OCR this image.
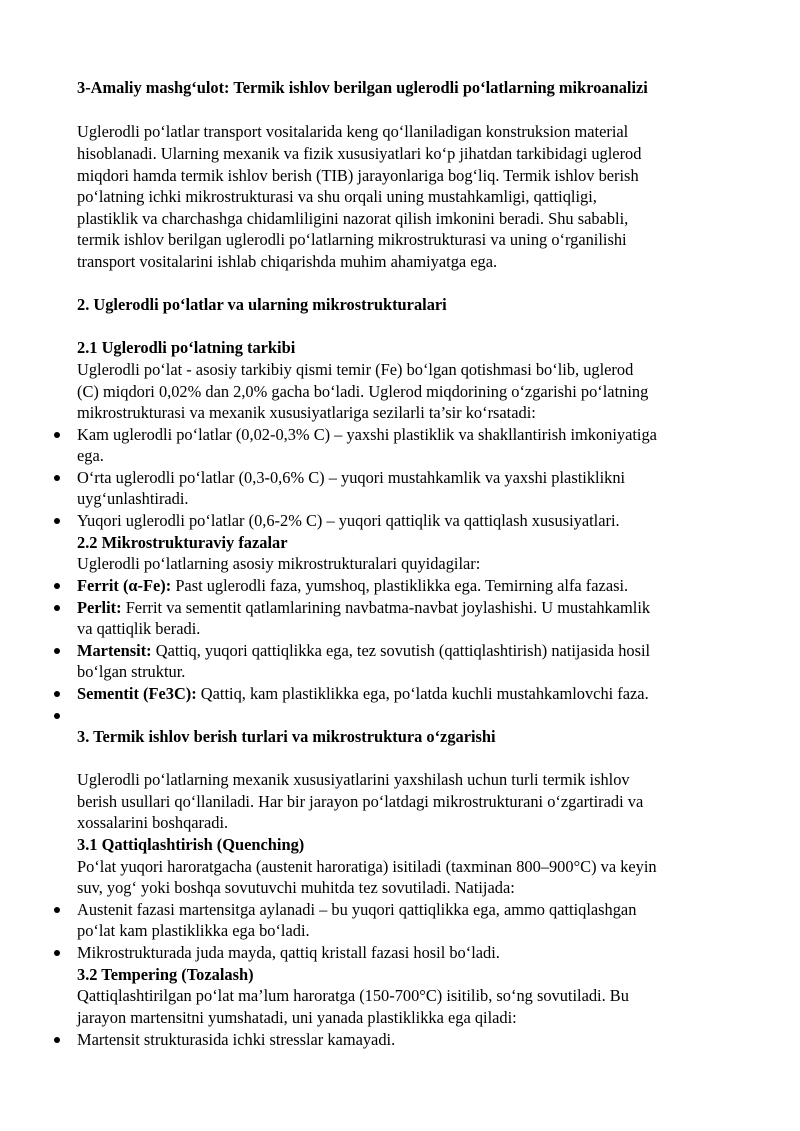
3-Amaliy mashg‘ulot: Termik ishlov berilgan uglerodli po‘latlarning mikroanalizi
Uglerodli po‘latlar transport vositalarida keng qo‘llaniladigan konstruksion material
hisoblanadi. Ularning mexanik va fizik xususiyatlari ko‘p jihatdan tarkibidagi uglerod
miqdori hamda termik ishlov berish (TIB) jarayonlariga bog‘liq. Termik ishlov berish
po‘latning ichki mikrostrukturasi va shu orqali uning mustahkamligi, qattiqligi,
plastiklik va charchashga chidamliligini nazorat qilish imkonini beradi. Shu sababli,
termik ishlov berilgan uglerodli po‘latlarning mikrostrukturasi va uning o‘rganilishi
transport vositalarini ishlab chiqarishda muhim ahamiyatga ega.
2. Uglerodli po‘latlar va ularning mikrostrukturalari
2.1 Uglerodli po‘latning tarkibi
Uglerodli po‘lat - asosiy tarkibiy qismi temir (Fe) bo‘lgan qotishmasi bo‘lib, uglerod
(C) miqdori 0,02% dan 2,0% gacha bo‘ladi. Uglerod miqdorining o‘zgarishi po‘latning
mikrostrukturasi va mexanik xususiyatlariga sezilarli ta’sir ko‘rsatadi:
Kam uglerodli po‘latlar (0,02-0,3% C) – yaxshi plastiklik va shakllantirish imkoniyatiga
ega.
O‘rta uglerodli po‘latlar (0,3-0,6% C) – yuqori mustahkamlik va yaxshi plastiklikni
uyg‘unlashtiradi.
Yuqori uglerodli po‘latlar (0,6-2% C) – yuqori qattiqlik va qattiqlash xususiyatlari.
2.2 Mikrostrukturaviy fazalar
Uglerodli po‘latlarning asosiy mikrostrukturalari quyidagilar:
Ferrit (α-Fe): Past uglerodli faza, yumshoq, plastiklikka ega. Temirning alfa fazasi.
Perlit: Ferrit va sementit qatlamlarining navbatma-navbat joylashishi. U mustahkamlik
va qattiqlik beradi.
Martensit: Qattiq, yuqori qattiqlikka ega, tez sovutish (qattiqlashtirish) natijasida hosil
bo‘lgan struktur.
Sementit (Fe3C): Qattiq, kam plastiklikka ega, po‘latda kuchli mustahkamlovchi faza.
3. Termik ishlov berish turlari va mikrostruktura o‘zgarishi
Uglerodli po‘latlarning mexanik xususiyatlarini yaxshilash uchun turli termik ishlov
berish usullari qo‘llaniladi. Har bir jarayon po‘latdagi mikrostrukturani o‘zgartiradi va
xossalarini boshqaradi.
3.1 Qattiqlashtirish (Quenching)
Po‘lat yuqori haroratgacha (austenit haroratiga) isitiladi (taxminan 800–900°C) va keyin
suv, yog‘ yoki boshqa sovutuvchi muhitda tez sovutiladi. Natijada:
Austenit fazasi martensitga aylanadi – bu yuqori qattiqlikka ega, ammo qattiqlashgan
po‘lat kam plastiklikka ega bo‘ladi.
Mikrostrukturada juda mayda, qattiq kristall fazasi hosil bo‘ladi.
3.2 Tempering (Tozalash)
Qattiqlashtirilgan po‘lat ma’lum haroratga (150-700°C) isitilib, so‘ng sovutiladi. Bu
jarayon martensitni yumshatadi, uni yanada plastiklikka ega qiladi:
Martensit strukturasida ichki stresslar kamayadi.
